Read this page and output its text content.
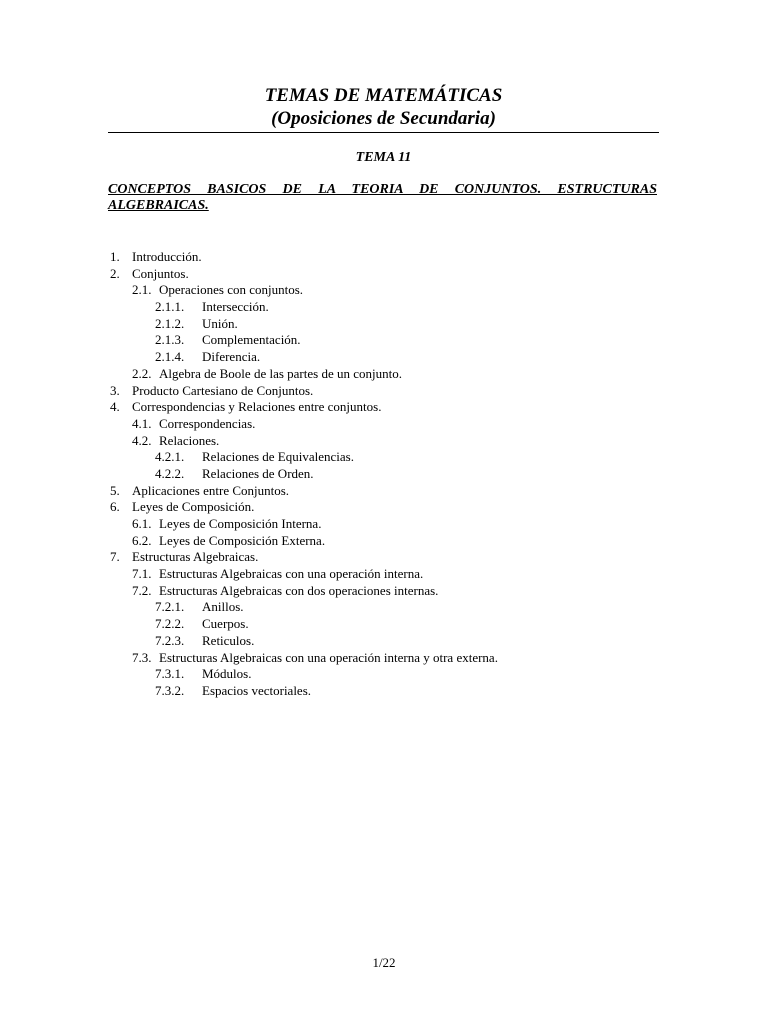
TEMAS DE MATEMÁTICAS
(Oposiciones de Secundaria)
TEMA 11
CONCEPTOS BASICOS DE LA TEORIA DE CONJUNTOS. ESTRUCTURAS ALGEBRAICAS.
1. Introducción.
2. Conjuntos.
2.1. Operaciones con conjuntos.
2.1.1. Intersección.
2.1.2. Unión.
2.1.3. Complementación.
2.1.4. Diferencia.
2.2. Algebra de Boole de las partes de un conjunto.
3. Producto Cartesiano de Conjuntos.
4. Correspondencias y Relaciones entre conjuntos.
4.1. Correspondencias.
4.2. Relaciones.
4.2.1. Relaciones de Equivalencias.
4.2.2. Relaciones de Orden.
5. Aplicaciones entre Conjuntos.
6. Leyes de Composición.
6.1. Leyes de Composición Interna.
6.2. Leyes de Composición Externa.
7. Estructuras Algebraicas.
7.1. Estructuras Algebraicas con una operación interna.
7.2. Estructuras Algebraicas con dos operaciones internas.
7.2.1. Anillos.
7.2.2. Cuerpos.
7.2.3. Reticulos.
7.3. Estructuras Algebraicas con una operación interna y otra externa.
7.3.1. Módulos.
7.3.2. Espacios vectoriales.
1/22
